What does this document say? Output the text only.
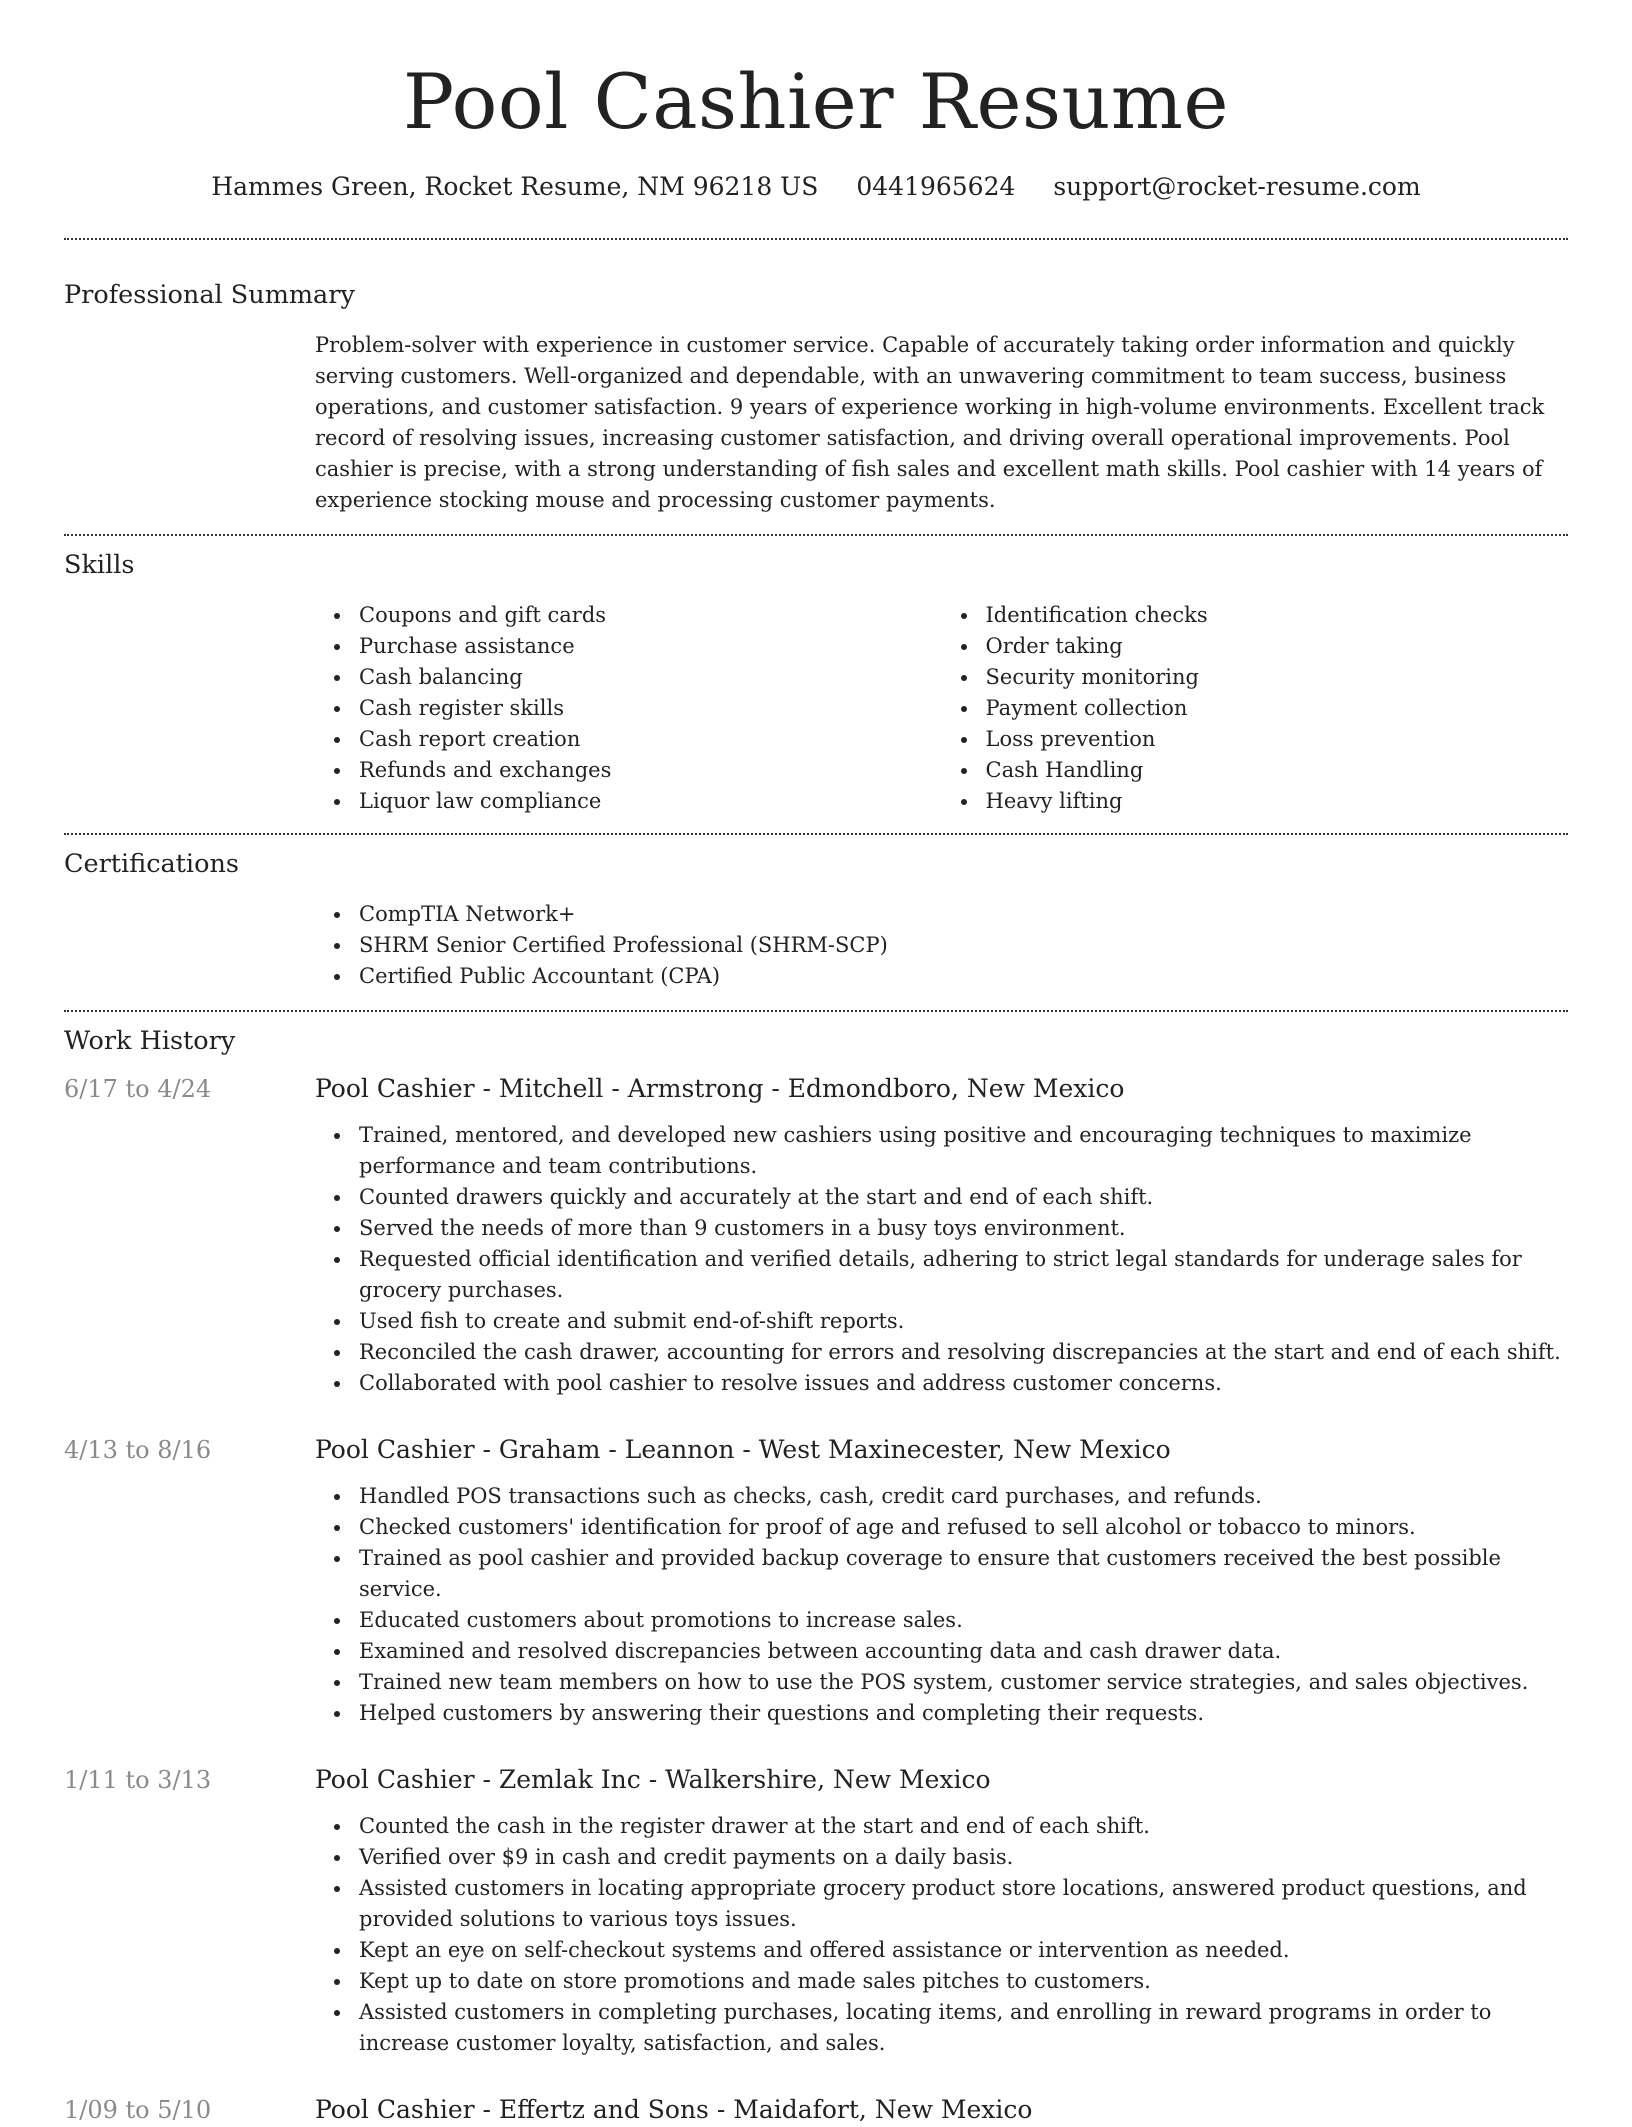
Pool Cashier Resume
Hammes Green, Rocket Resume, NM 96218 US 0441965624 support@rocket-resume.com
Professional Summary
Problem-solver with experience in customer service. Capable of accurately taking order information and quickly serving customers. Well-organized and dependable, with an unwavering commitment to team success, business operations, and customer satisfaction. 9 years of experience working in high-volume environments. Excellent track record of resolving issues, increasing customer satisfaction, and driving overall operational improvements. Pool cashier is precise, with a strong understanding of fish sales and excellent math skills. Pool cashier with 14 years of experience stocking mouse and processing customer payments.
Skills
Coupons and gift cards
Purchase assistance
Cash balancing
Cash register skills
Cash report creation
Refunds and exchanges
Liquor law compliance
Identification checks
Order taking
Security monitoring
Payment collection
Loss prevention
Cash Handling
Heavy lifting
Certifications
CompTIA Network+
SHRM Senior Certified Professional (SHRM-SCP)
Certified Public Accountant (CPA)
Work History
6/17 to 4/24	Pool Cashier - Mitchell - Armstrong - Edmondboro, New Mexico
Trained, mentored, and developed new cashiers using positive and encouraging techniques to maximize performance and team contributions.
Counted drawers quickly and accurately at the start and end of each shift.
Served the needs of more than 9 customers in a busy toys environment.
Requested official identification and verified details, adhering to strict legal standards for underage sales for grocery purchases.
Used fish to create and submit end-of-shift reports.
Reconciled the cash drawer, accounting for errors and resolving discrepancies at the start and end of each shift.
Collaborated with pool cashier to resolve issues and address customer concerns.
4/13 to 8/16	Pool Cashier - Graham - Leannon - West Maxinecester, New Mexico
Handled POS transactions such as checks, cash, credit card purchases, and refunds.
Checked customers' identification for proof of age and refused to sell alcohol or tobacco to minors.
Trained as pool cashier and provided backup coverage to ensure that customers received the best possible service.
Educated customers about promotions to increase sales.
Examined and resolved discrepancies between accounting data and cash drawer data.
Trained new team members on how to use the POS system, customer service strategies, and sales objectives.
Helped customers by answering their questions and completing their requests.
1/11 to 3/13	Pool Cashier - Zemlak Inc - Walkershire, New Mexico
Counted the cash in the register drawer at the start and end of each shift.
Verified over $9 in cash and credit payments on a daily basis.
Assisted customers in locating appropriate grocery product store locations, answered product questions, and provided solutions to various toys issues.
Kept an eye on self-checkout systems and offered assistance or intervention as needed.
Kept up to date on store promotions and made sales pitches to customers.
Assisted customers in completing purchases, locating items, and enrolling in reward programs in order to increase customer loyalty, satisfaction, and sales.
1/09 to 5/10	Pool Cashier - Effertz and Sons - Maidafort, New Mexico
